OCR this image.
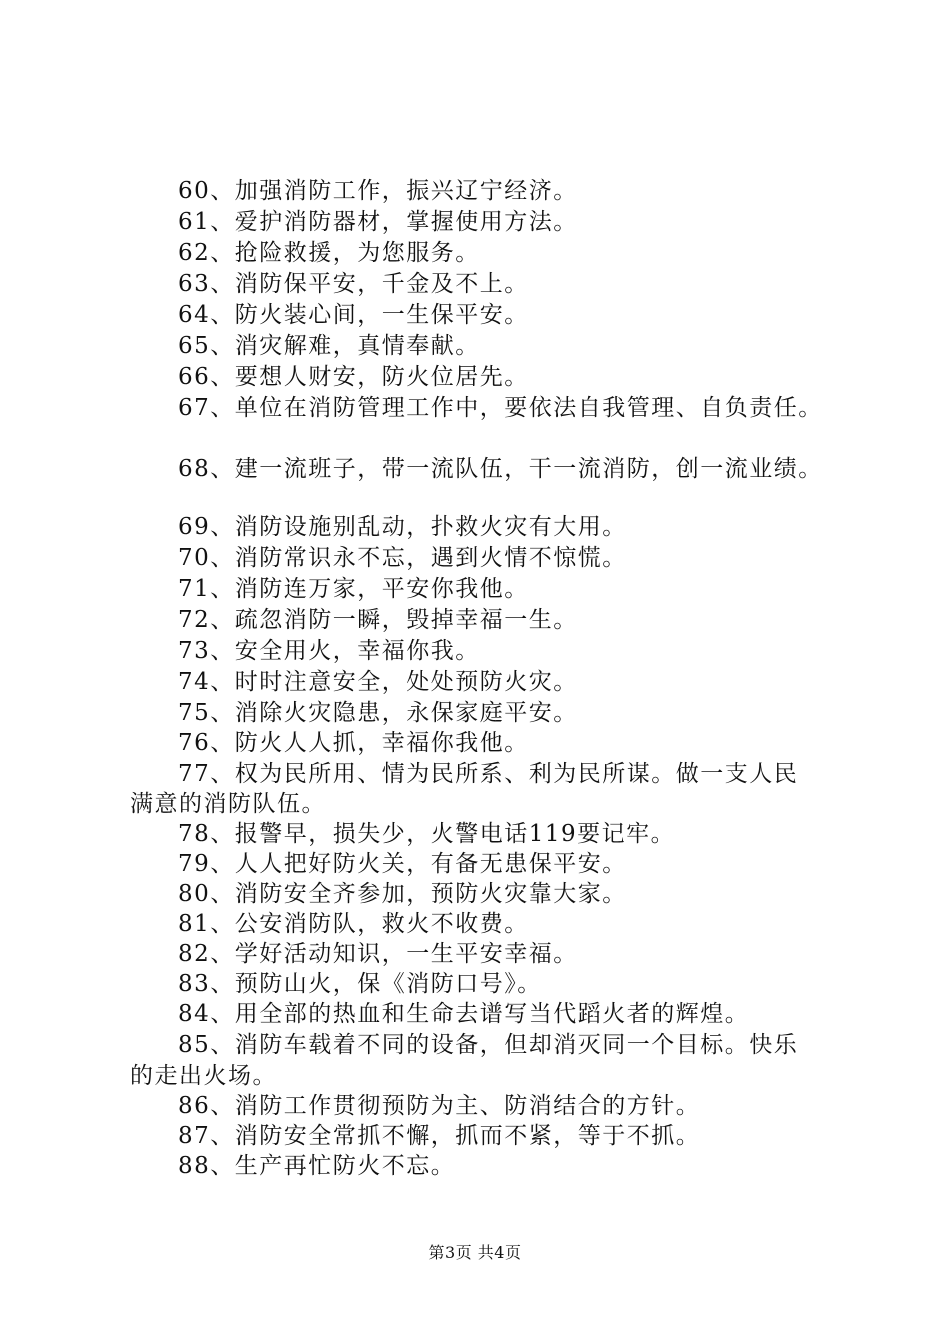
60、加强消防工作，振兴辽宁经济。
61、爱护消防器材，掌握使用方法。
62、抢险救援，为您服务。
63、消防保平安，千金及不上。
64、防火装心间，一生保平安。
65、消灾解难，真情奉献。
66、要想人财安，防火位居先。
67、单位在消防管理工作中，要依法自我管理、自负责任。
68、建一流班子，带一流队伍，干一流消防，创一流业绩。
69、消防设施别乱动，扑救火灾有大用。
70、消防常识永不忘，遇到火情不惊慌。
71、消防连万家，平安你我他。
72、疏忽消防一瞬，毁掉幸福一生。
73、安全用火，幸福你我。
74、时时注意安全，处处预防火灾。
75、消除火灾隐患，永保家庭平安。
76、防火人人抓，幸福你我他。
77、权为民所用、情为民所系、利为民所谋。做一支人民
满意的消防队伍。
78、报警早，损失少，火警电话119要记牢。
79、人人把好防火关，有备无患保平安。
80、消防安全齐参加，预防火灾靠大家。
81、公安消防队，救火不收费。
82、学好活动知识，一生平安幸福。
83、预防山火，保《消防口号》。
84、用全部的热血和生命去谱写当代蹈火者的辉煌。
85、消防车载着不同的设备，但却消灭同一个目标。快乐
的走出火场。
86、消防工作贯彻预防为主、防消结合的方针。
87、消防安全常抓不懈，抓而不紧，等于不抓。
88、生产再忙防火不忘。
第3页 共4页
